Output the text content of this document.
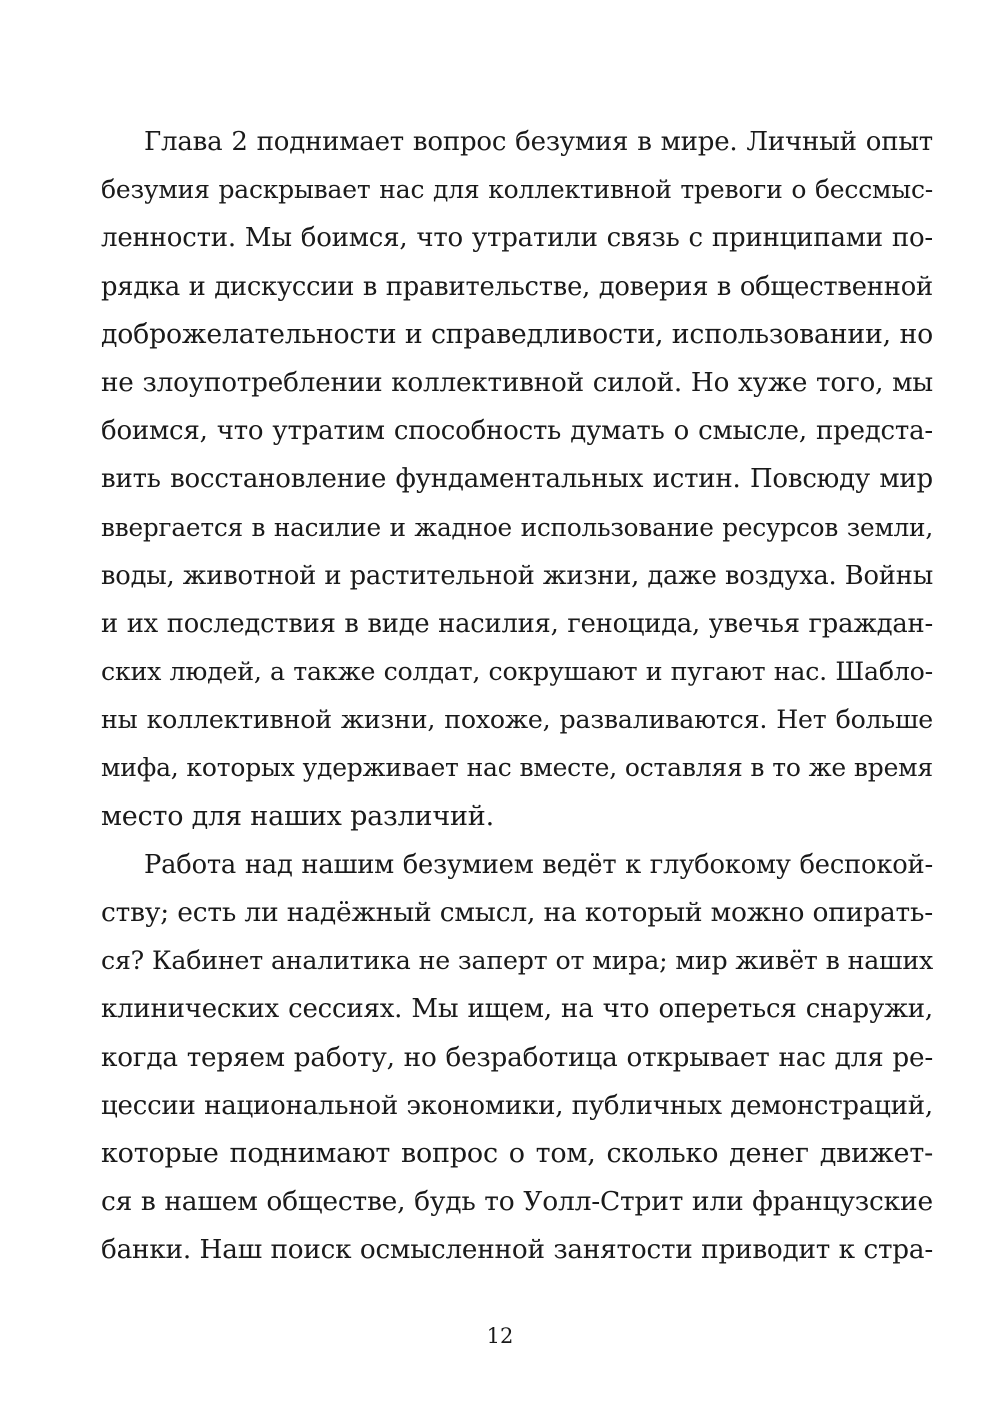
Глава 2 поднимает вопрос безумия в мире. Личный опыт
безумия раскрывает нас для коллективной тревоги о бессмыс-
ленности. Мы боимся, что утратили связь с принципами по-
рядка и дискуссии в правительстве, доверия в общественной
доброжелательности и справедливости, использовании, но
не злоупотреблении коллективной силой. Но хуже того, мы
боимся, что утратим способность думать о смысле, предста-
вить восстановление фундаментальных истин. Повсюду мир
ввергается в насилие и жадное использование ресурсов земли,
воды, животной и растительной жизни, даже воздуха. Войны
и их последствия в виде насилия, геноцида, увечья граждан-
ских людей, а также солдат, сокрушают и пугают нас. Шабло-
ны коллективной жизни, похоже, разваливаются. Нет больше
мифа, которых удерживает нас вместе, оставляя в то же время
место для наших различий.
Работа над нашим безумием ведёт к глубокому беспокой-
ству; есть ли надёжный смысл, на который можно опирать-
ся? Кабинет аналитика не заперт от мира; мир живёт в наших
клинических сессиях. Мы ищем, на что опереться снаружи,
когда теряем работу, но безработица открывает нас для ре-
цессии национальной экономики, публичных демонстраций,
которые поднимают вопрос о том, сколько денег движет-
ся в нашем обществе, будь то Уолл-Стрит или французские
банки. Наш поиск осмысленной занятости приводит к стра-
12
